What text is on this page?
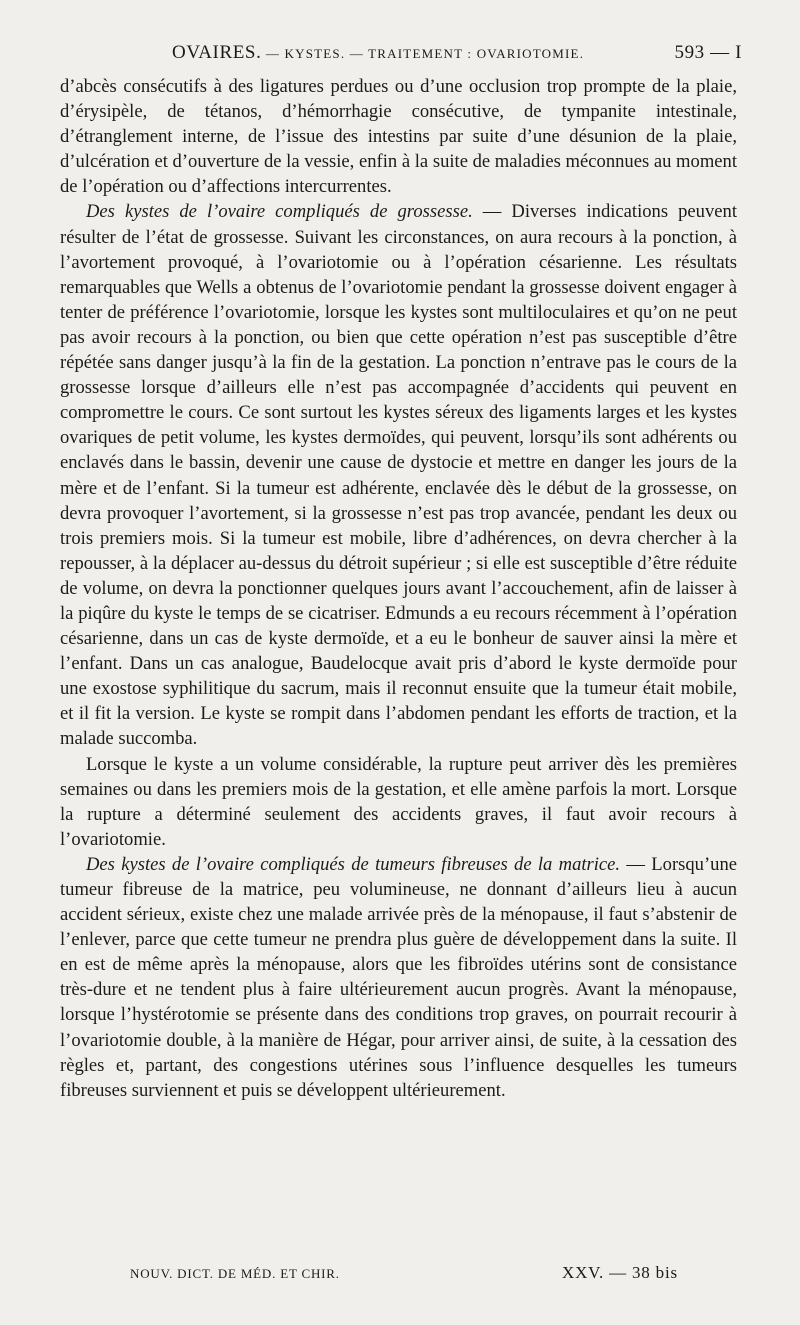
OVAIRES. — KYSTES. — TRAITEMENT : OVARIOTOMIE.	593 — I

d’abcès consécutifs à des ligatures perdues ou d’une occlusion trop prompte de la plaie, d’érysipèle, de tétanos, d’hémorrhagie consécutive, de tympanite intestinale, d’étranglement interne, de l’issue des intestins par suite d’une désunion de la plaie, d’ulcération et d’ouverture de la vessie, enfin à la suite de maladies méconnues au moment de l’opération ou d’affections intercurrentes.

Des kystes de l’ovaire compliqués de grossesse. — Diverses indications peuvent résulter de l’état de grossesse. Suivant les circonstances, on aura recours à la ponction, à l’avortement provoqué, à l’ovariotomie ou à l’opération césarienne. Les résultats remarquables que Wells a obtenus de l’ovariotomie pendant la grossesse doivent engager à tenter de préférence l’ovariotomie, lorsque les kystes sont multiloculaires et qu’on ne peut pas avoir recours à la ponction, ou bien que cette opération n’est pas susceptible d’être répétée sans danger jusqu’à la fin de la gestation. La ponction n’entrave pas le cours de la grossesse lorsque d’ailleurs elle n’est pas accompagnée d’accidents qui peuvent en compromettre le cours. Ce sont surtout les kystes séreux des ligaments larges et les kystes ovariques de petit volume, les kystes dermoïdes, qui peuvent, lorsqu’ils sont adhérents ou enclavés dans le bassin, devenir une cause de dystocie et mettre en danger les jours de la mère et de l’enfant. Si la tumeur est adhérente, enclavée dès le début de la grossesse, on devra provoquer l’avortement, si la grossesse n’est pas trop avancée, pendant les deux ou trois premiers mois. Si la tumeur est mobile, libre d’adhérences, on devra chercher à la repousser, à la déplacer au-dessus du détroit supérieur ; si elle est susceptible d’être réduite de volume, on devra la ponctionner quelques jours avant l’accouchement, afin de laisser à la piqûre du kyste le temps de se cicatriser. Edmunds a eu recours récemment à l’opération césarienne, dans un cas de kyste dermoïde, et a eu le bonheur de sauver ainsi la mère et l’enfant. Dans un cas analogue, Baudelocque avait pris d’abord le kyste dermoïde pour une exostose syphilitique du sacrum, mais il reconnut ensuite que la tumeur était mobile, et il fit la version. Le kyste se rompit dans l’abdomen pendant les efforts de traction, et la malade succomba.

Lorsque le kyste a un volume considérable, la rupture peut arriver dès les premières semaines ou dans les premiers mois de la gestation, et elle amène parfois la mort. Lorsque la rupture a déterminé seulement des accidents graves, il faut avoir recours à l’ovariotomie.

Des kystes de l’ovaire compliqués de tumeurs fibreuses de la matrice. — Lorsqu’une tumeur fibreuse de la matrice, peu volumineuse, ne donnant d’ailleurs lieu à aucun accident sérieux, existe chez une malade arrivée près de la ménopause, il faut s’abstenir de l’enlever, parce que cette tumeur ne prendra plus guère de développement dans la suite. Il en est de même après la ménopause, alors que les fibroïdes utérins sont de consistance très-dure et ne tendent plus à faire ultérieurement aucun progrès. Avant la ménopause, lorsque l’hystérotomie se présente dans des conditions trop graves, on pourrait recourir à l’ovariotomie double, à la manière de Hégar, pour arriver ainsi, de suite, à la cessation des règles et, partant, des congestions utérines sous l’influence desquelles les tumeurs fibreuses surviennent et puis se développent ultérieurement.

NOUV. DICT. DE MÉD. ET CHIR.	XXV. — 38 bis
